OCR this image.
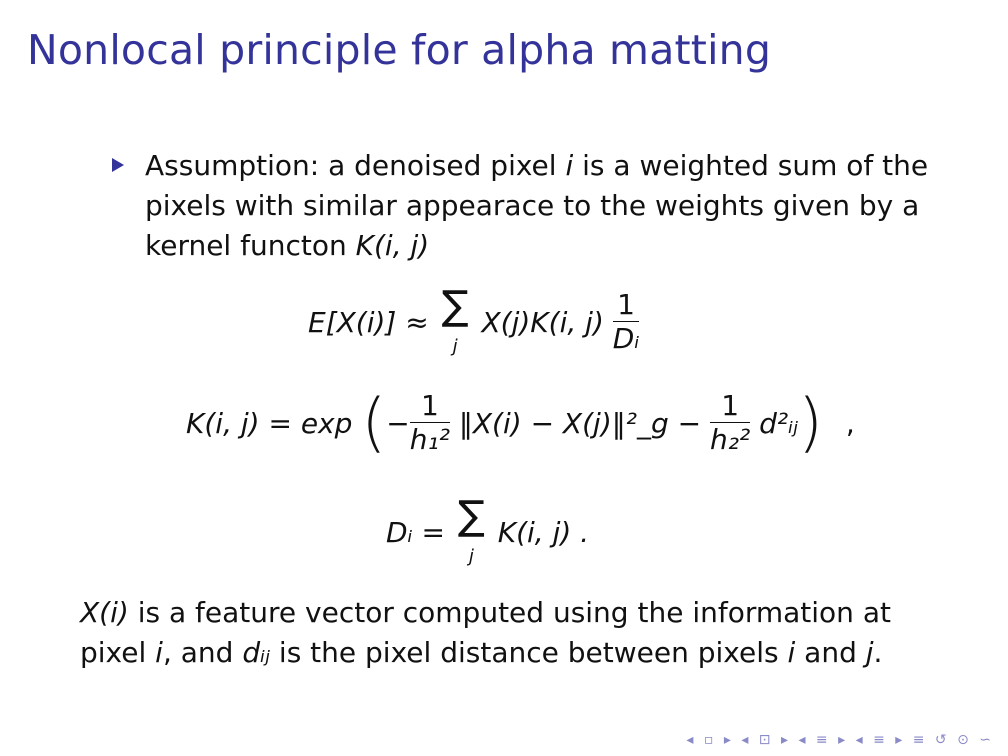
Nonlocal principle for alpha matting
Assumption: a denoised pixel i is a weighted sum of the pixels with similar appearace to the weights given by a kernel functon K(i, j)
E[X(i)] ≈ ∑
j X(j)K(i, $j) \frac{1}{\text{Dᵢ}}$
K(i, j) = exp (− $\frac{1}{\text{h₁²}}$ ‖X(i) − X(j)‖²_g − $\frac{1}{\text{h₂²}}$ d²ᵢⱼ) ,
Dᵢ = ∑
j K(i, j) .
X(i) is a feature vector computed using the information at pixel i, and dᵢⱼ is the pixel distance between pixels i and j.
◂ ▫ ▸ ◂ ⊡ ▸ ◂ ≡ ▸ ◂ ≡ ▸ ≡ ↺ ⊙ ∽
